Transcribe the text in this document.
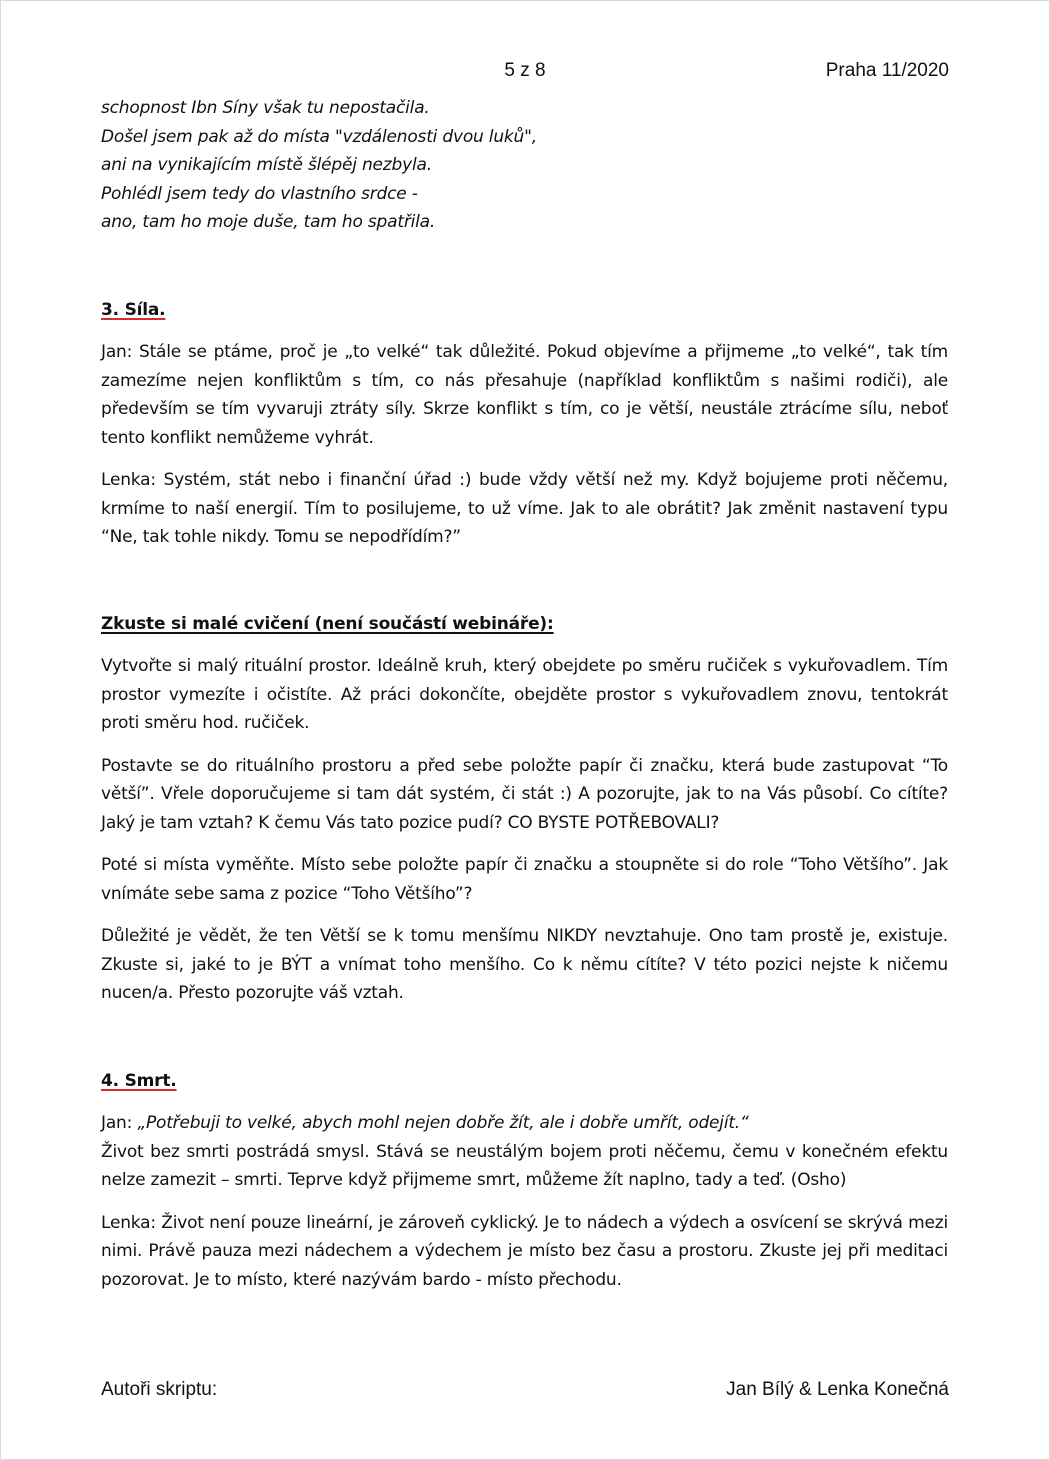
5 z 8	Praha 11/2020

schopnost Ibn Síny však tu nepostačila.

Došel jsem pak až do místa "vzdálenosti dvou luků",

ani na vynikajícím místě šlépěj nezbyla.

Pohlédl jsem tedy do vlastního srdce -

ano, tam ho moje duše, tam ho spatřila.

3. Síla.

Jan: Stále se ptáme, proč je „to velké“ tak důležité. Pokud objevíme a přijmeme „to velké“, tak tím zamezíme nejen konfliktům s tím, co nás přesahuje (například konfliktům s našimi rodiči), ale především se tím vyvaruji ztráty síly. Skrze konflikt s tím, co je větší, neustále ztrácíme sílu, neboť tento konflikt nemůžeme vyhrát.

Lenka: Systém, stát nebo i finanční úřad :) bude vždy větší než my. Když bojujeme proti něčemu, krmíme to naší energií. Tím to posilujeme, to už víme. Jak to ale obrátit? Jak změnit nastavení typu “Ne, tak tohle nikdy. Tomu se nepodřídím?”

Zkuste si malé cvičení (není součástí webináře):

Vytvořte si malý rituální prostor. Ideálně kruh, který obejdete po směru ručiček s vykuřovadlem. Tím prostor vymezíte i očistíte. Až práci dokončíte, obejděte prostor s vykuřovadlem znovu, tentokrát proti směru hod. ručiček.

Postavte se do rituálního prostoru a před sebe položte papír či značku, která bude zastupovat “To větší”. Vřele doporučujeme si tam dát systém, či stát :) A pozorujte, jak to na Vás působí. Co cítíte? Jaký je tam vztah? K čemu Vás tato pozice pudí? CO BYSTE POTŘEBOVALI?

Poté si místa vyměňte. Místo sebe položte papír či značku a stoupněte si do role “Toho Většího”. Jak vnímáte sebe sama z pozice “Toho Většího”?

Důležité je vědět, že ten Větší se k tomu menšímu NIKDY nevztahuje. Ono tam prostě je, existuje. Zkuste si, jaké to je BÝT a vnímat toho menšího. Co k němu cítíte? V této pozici nejste k ničemu nucen/a. Přesto pozorujte váš vztah.

4. Smrt.

Jan: „Potřebuji to velké, abych mohl nejen dobře žít, ale i dobře umřít, odejít.“
Život bez smrti postrádá smysl. Stává se neustálým bojem proti něčemu, čemu v konečném efektu nelze zamezit – smrti. Teprve když přijmeme smrt, můžeme žít naplno, tady a teď. (Osho)

Lenka: Život není pouze lineární, je zároveň cyklický. Je to nádech a výdech a osvícení se skrývá mezi nimi. Právě pauza mezi nádechem a výdechem je místo bez času a prostoru. Zkuste jej při meditaci pozorovat. Je to místo, které nazývám bardo - místo přechodu.

Autoři skriptu:	Jan Bílý & Lenka Konečná
